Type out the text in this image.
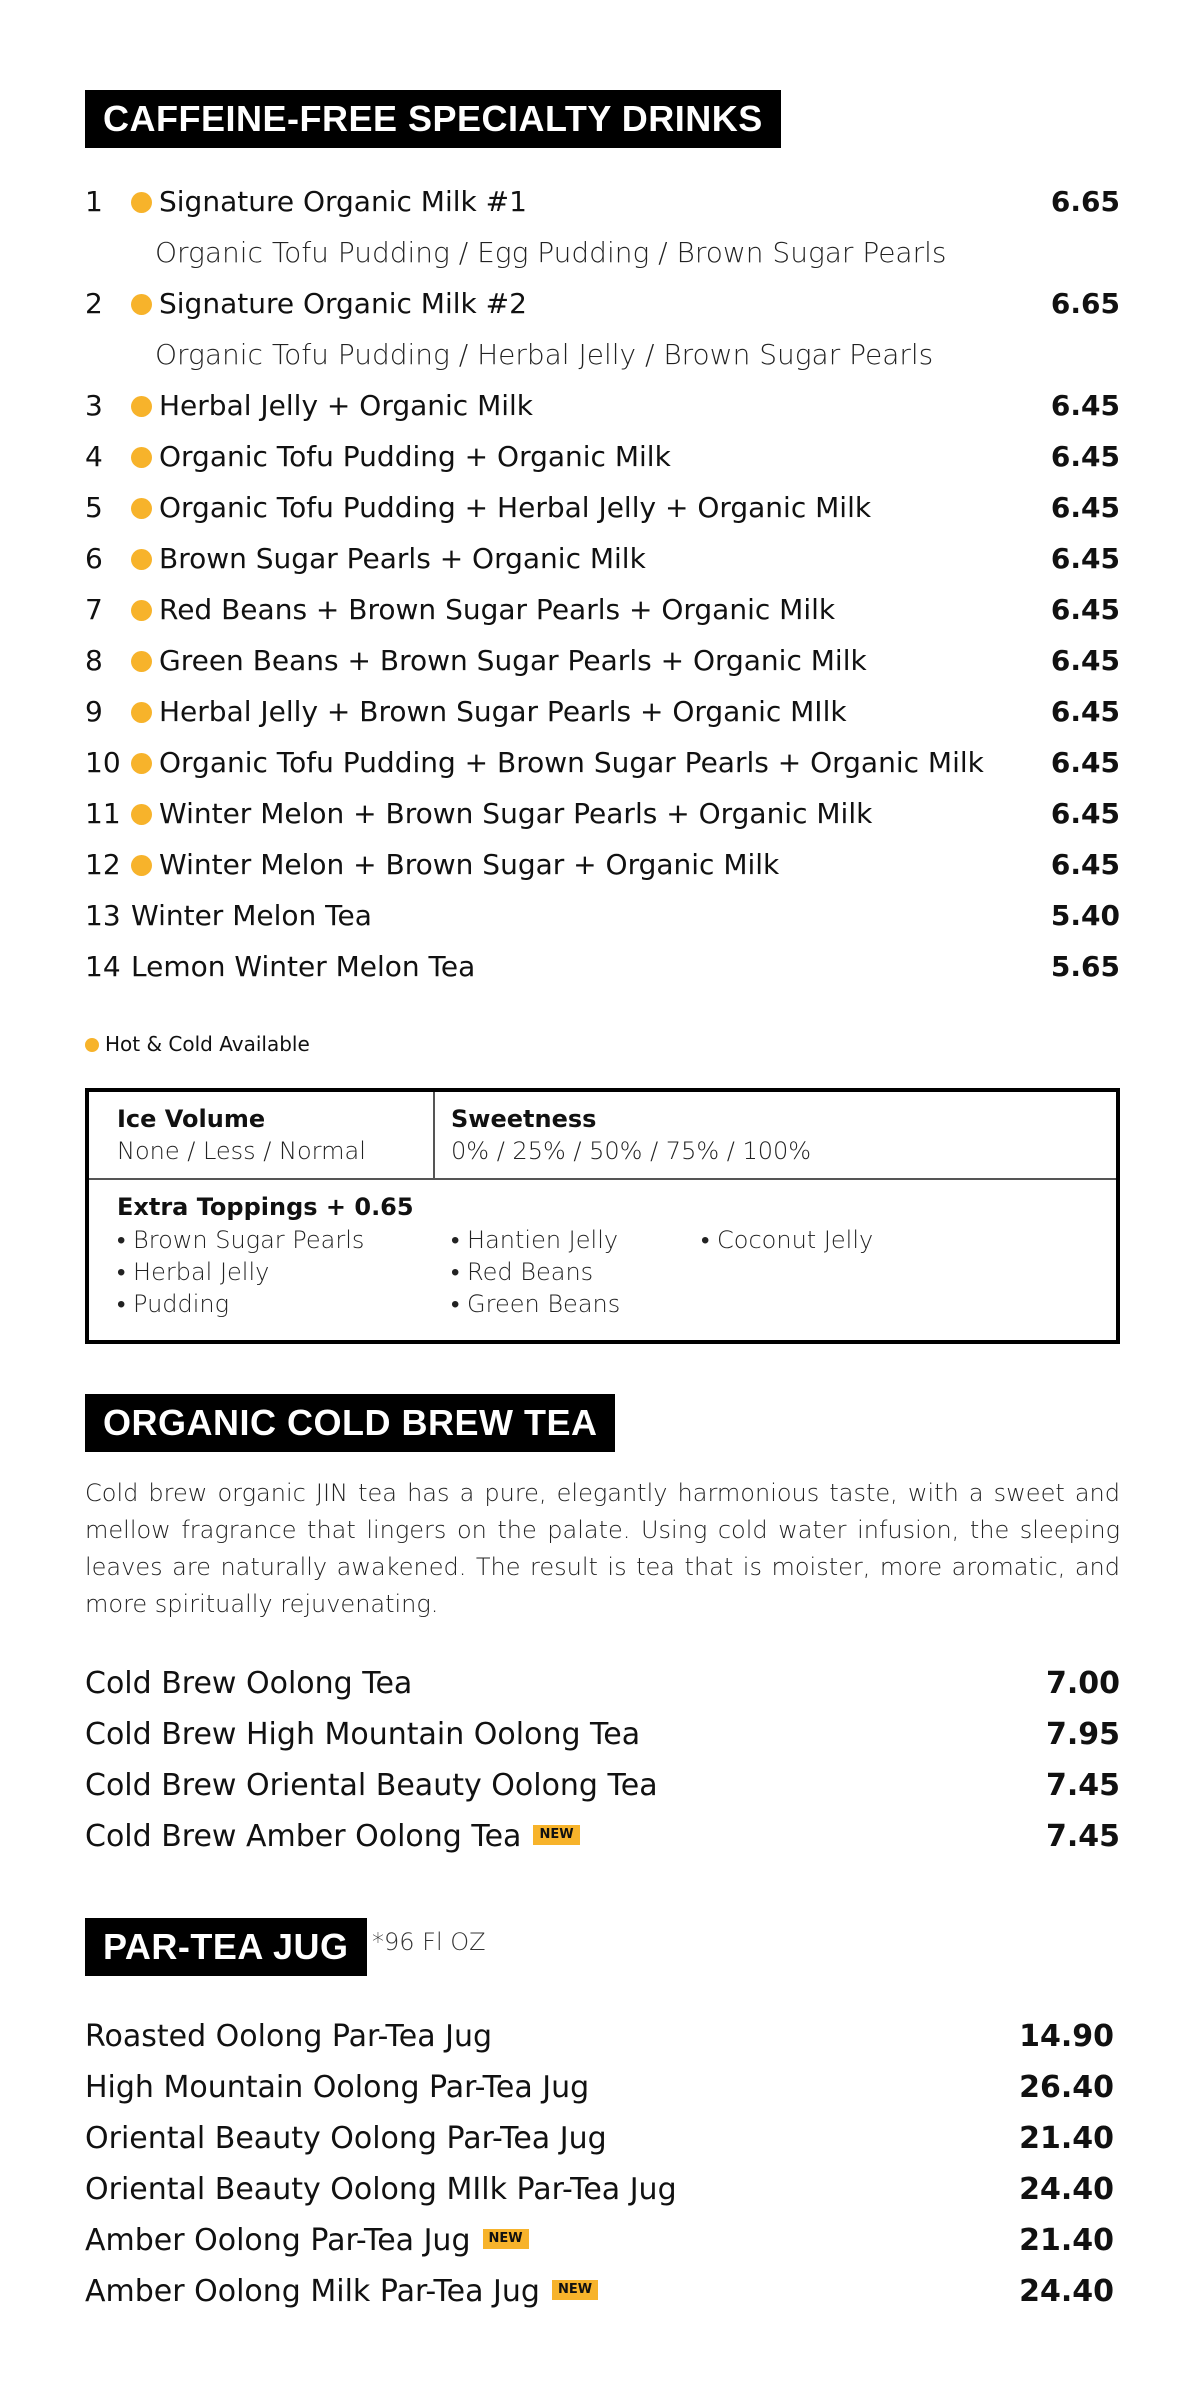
CAFFEINE-FREE SPECIALTY DRINKS
1 Signature Organic Milk #1	6.65
Organic Tofu Pudding / Egg Pudding / Brown Sugar Pearls
2 Signature Organic Milk #2	6.65
Organic Tofu Pudding / Herbal Jelly / Brown Sugar Pearls
3 Herbal Jelly + Organic Milk	6.45
4 Organic Tofu Pudding + Organic Milk	6.45
5 Organic Tofu Pudding + Herbal Jelly + Organic Milk	6.45
6 Brown Sugar Pearls + Organic Milk	6.45
7 Red Beans + Brown Sugar Pearls + Organic Milk	6.45
8 Green Beans + Brown Sugar Pearls + Organic Milk	6.45
9 Herbal Jelly + Brown Sugar Pearls + Organic MIlk	6.45
10 Organic Tofu Pudding + Brown Sugar Pearls + Organic Milk 6.45
11 Winter Melon + Brown Sugar Pearls + Organic Milk	6.45
12 Winter Melon + Brown Sugar + Organic Milk	6.45
13 Winter Melon Tea	5.40
14 Lemon Winter Melon Tea	5.65
Hot & Cold Available
Ice Volume
None / Less / Normal
Sweetness
0% / 25% / 50% / 75% / 100%
Extra Toppings + 0.65
• Brown Sugar Pearls
• Herbal Jelly
• Pudding
• Hantien Jelly
• Red Beans
• Green Beans
• Coconut Jelly
ORGANIC COLD BREW TEA
Cold brew organic JIN tea has a pure, elegantly harmonious taste, with a sweet and mellow fragrance that lingers on the palate. Using cold water infusion, the sleeping leaves are naturally awakened. The result is tea that is moister, more aromatic, and more spiritually rejuvenating.
Cold Brew Oolong Tea	7.00
Cold Brew High Mountain Oolong Tea	7.95
Cold Brew Oriental Beauty Oolong Tea	7.45
Cold Brew Amber Oolong Tea NEW	7.45
PAR-TEA JUG *96 Fl OZ
Roasted Oolong Par-Tea Jug	14.90
High Mountain Oolong Par-Tea Jug	26.40
Oriental Beauty Oolong Par-Tea Jug	21.40
Oriental Beauty Oolong MIlk Par-Tea Jug	24.40
Amber Oolong Par-Tea Jug NEW	21.40
Amber Oolong Milk Par-Tea Jug NEW	24.40
